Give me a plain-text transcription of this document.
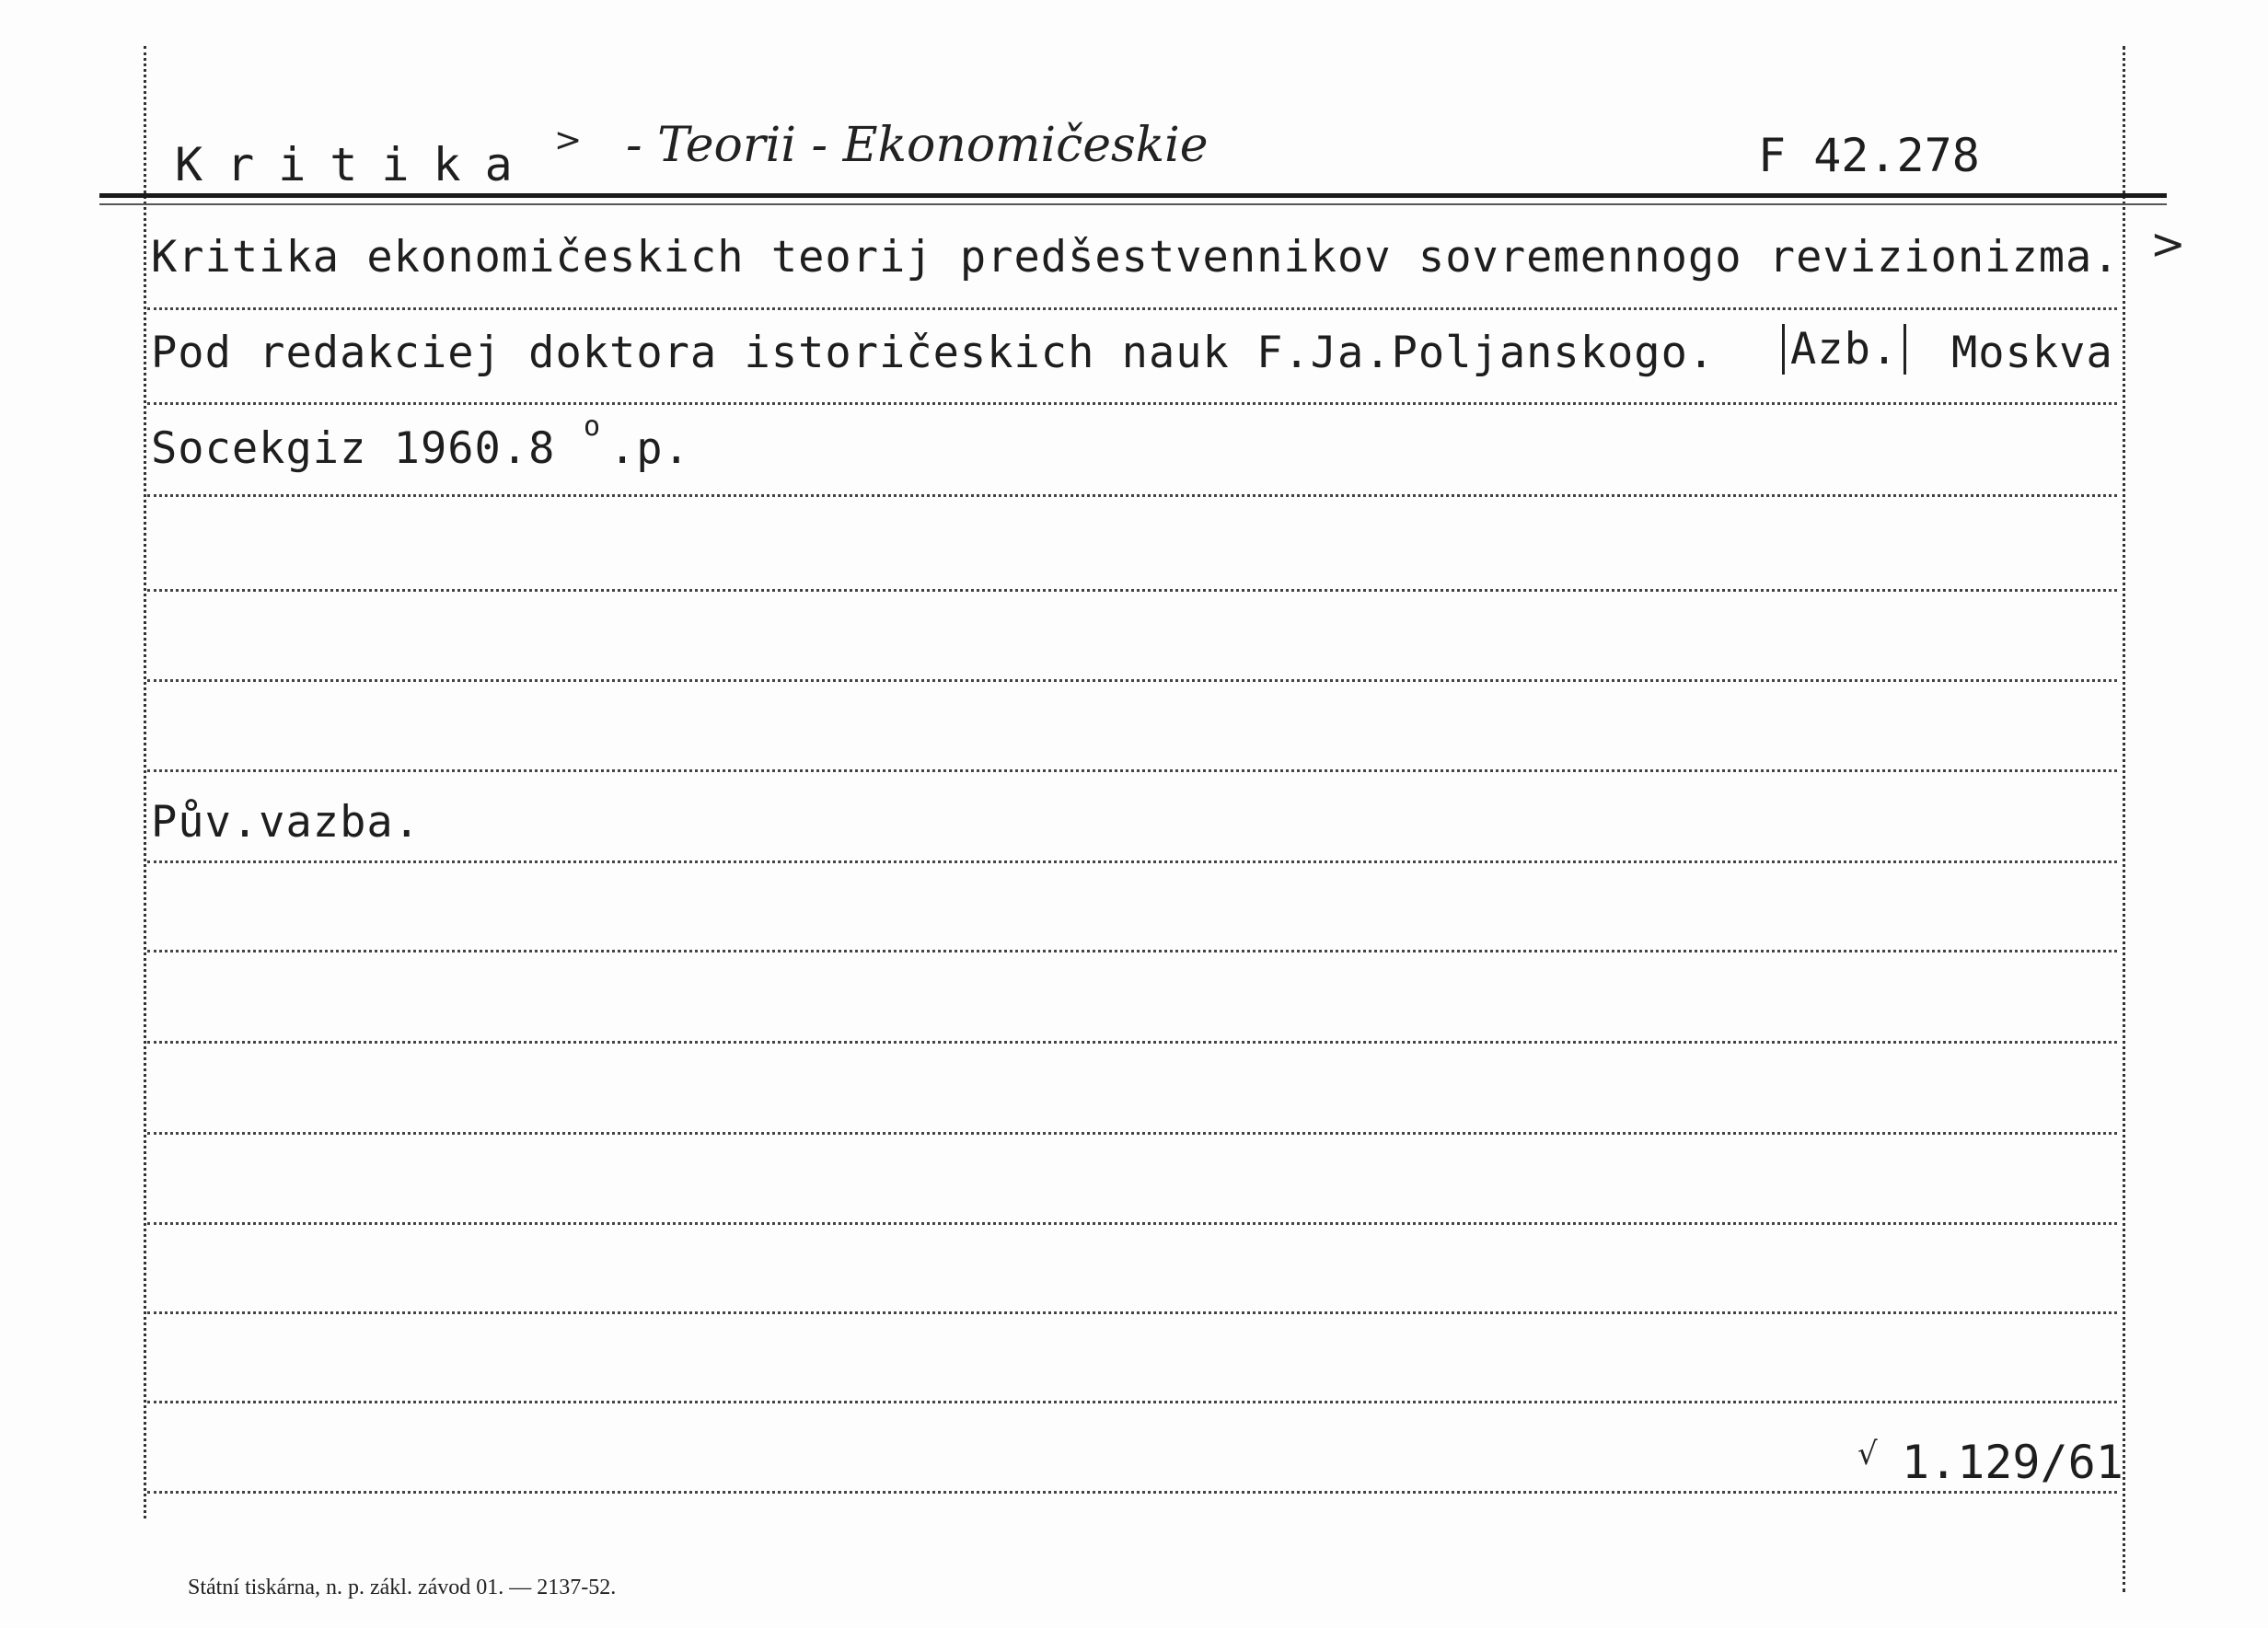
Kritika > - Teorii - Ekonomičeskie	F 42.278
Kritika ekonomičeskich teorij predšestvennikov sovremennogo revizionizma. >
Pod redakciej doktora istoričeskich nauk F.Ja.Poljanskogo. Azb. Moskva
Socekgiz 1960.8 o .p.
Pův.vazba.
√ 1.129/61
Státní tiskárna, n. p. zákl. závod 01. — 2137-52.
